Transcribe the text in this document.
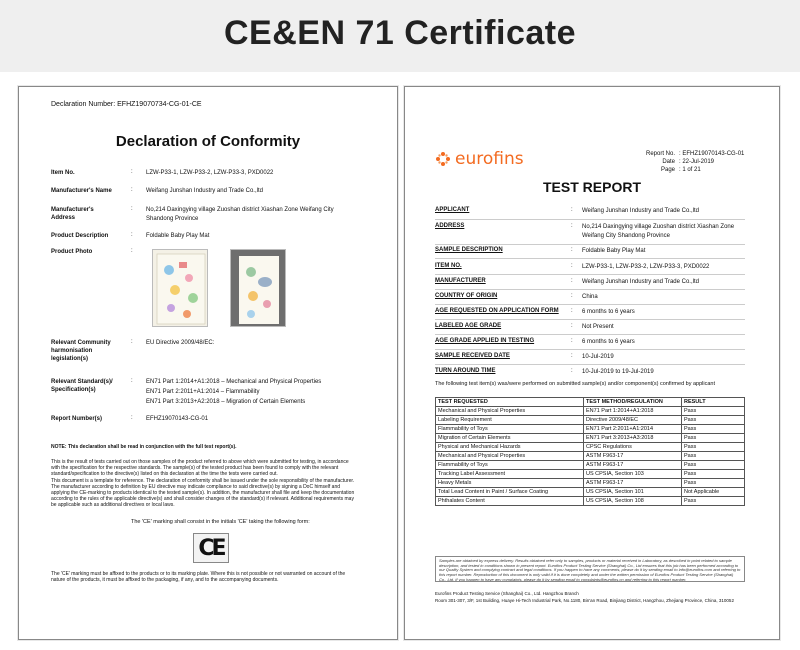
CE&EN 71 Certificate
Declaration Number: EFHZ19070734-CG-01-CE
Declaration of Conformity
Item No.	: LZW-P33-1, LZW-P33-2, LZW-P33-3, PXD0022
Manufacturer's Name	: Weifang Junshan Industry and Trade Co.,ltd
Manufacturer's Address
: No,214 Daxingying village Zuoshan district Xiashan Zone Weifang City
Shandong Province
Product Description	: Foldable Baby Play Mat
Product Photo	:
Relevant Community harmonisation legislation(s)
: EU Directive 2009/48/EC:
Relevant Standard(s)/ Specification(s)
: EN71 Part 1:2014+A1:2018 – Mechanical and Physical Properties
EN71 Part 2:2011+A1:2014 – Flammability
EN71 Part 3:2013+A2:2018 – Migration of Certain Elements
Report Number(s)	: EFHZ19070143-CG-01
NOTE: This declaration shall be read in conjunction with the full test report(s).
This is the result of tests carried out on those samples of the product referred to above which were submitted for testing, in accordance
with the specification for the respective standards. The sample(s) of the tested product has been found to comply with the relevant
standard/specification to the directive(s) listed on this declaration at the time the tests were carried out.
This document is a template for reference. The declaration of conformity shall be issued under the sole responsibility of the manufacturer.
The manufacturer according to definition by EU directive may indicate compliance to said directive(s) by signing a DoC himself and
applying the CE-marking to products identical to the tested sample(s). In addition, the manufacturer shall file and keep the documentation
according to the rules of the applicable directive(s) and shall consider changes of the standard(s) if relevant. Additional requirements may
be applicable such as additional directives or local laws.
The 'CE' marking shall consist in the initials 'CE' taking the following form:
CE
The 'CE' marking must be affixed to the products or to its marking plate. Where this is not possible or not warranted on account of the
nature of the products, it must be affixed to the packaging, if any, and to the accompanying documents.
eurofins	Report No. : EFHZ19070143-CG-01
Date : 22-Jul-2019
Page : 1 of 21
TEST REPORT
APPLICANT	: Weifang Junshan Industry and Trade Co.,ltd
ADDRESS	: No,214 Daxingying village Zuoshan district Xiashan Zone
Weifang City Shandong Province
SAMPLE DESCRIPTION	: Foldable Baby Play Mat
ITEM NO.	: LZW-P33-1, LZW-P33-2, LZW-P33-3, PXD0022
MANUFACTURER	: Weifang Junshan Industry and Trade Co.,ltd
COUNTRY OF ORIGIN	: China
AGE REQUESTED ON APPLICATION FORM : 6 months to 6 years
LABELED AGE GRADE	: Not Present
AGE GRADE APPLIED IN TESTING	: 6 months to 6 years
SAMPLE RECEIVED DATE	: 10-Jul-2019
TURN AROUND TIME	: 10-Jul-2019 to 19-Jul-2019
The following test item(s) was/were performed on submitted sample(s) and/or component(s) confirmed by applicant
TEST REQUESTED	TEST METHOD/REGULATION	RESULT
Mechanical and Physical Properties	EN71 Part 1:2014+A1:2018	Pass
Labeling Requirement	Directive 2009/48/EC	Pass
Flammability of Toys	EN71 Part 2:2011+A1:2014	Pass
Migration of Certain Elements	EN71 Part 3:2013+A3:2018	Pass
Physical and Mechanical Hazards	CPSC Regulations	Pass
Mechanical and Physical Properties	ASTM F963-17	Pass
Flammability of Toys	ASTM F963-17	Pass
Tracking Label Assessment	US CPSIA, Section 103	Pass
Heavy Metals	ASTM F963-17	Pass
Total Lead Content in Paint / Surface Coating	US CPSIA, Section 101	Not Applicable
Phthalates Content	US CPSIA, Section 108	Pass
Samples are obtained by express delivery. Results obtained refer only to samples, products or material received in Laboratory, as described in point related to sample description, and tested in conditions shown in present report. Eurofins Product Testing Service (Shanghai) Co., Ltd ensures that this job has been performed according to our Quality System and complying contract and legal conditions. If you happen to have any comments, please do it by sending email to info@eurofins.com and referring to this report number. Reproduction of this document is only valid if it is done completely and under the written permission of Eurofins Product Testing Service (Shanghai) Co., Ltd. If you happen to have any complaints, please do it by sending email to complaints@eurofins.cn and referring to this report number.
Eurofins Product Testing Service (Shanghai) Co., Ltd. Hangzhou Branch
Room 301-307, 3/F, 1st Building, Huaye Hi-Tech Industrial Park, No.1180, Bin'an Road, Binjiang District, Hangzhou, Zhejiang Province, China, 310052
